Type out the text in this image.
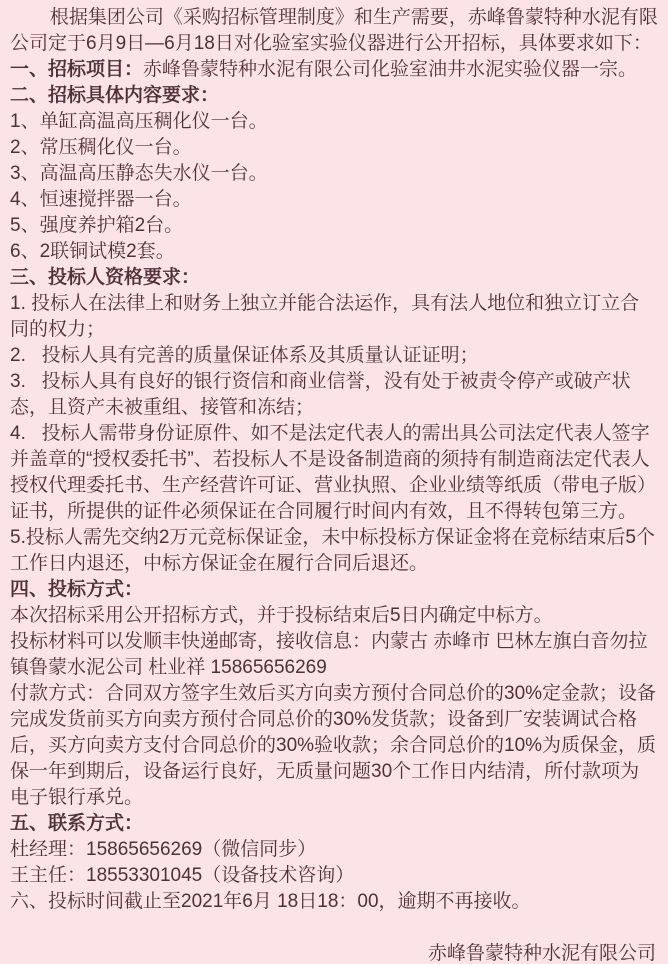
根据集团公司《采购招标管理制度》和生产需要，赤峰鲁蒙特种水泥有限公司定于6月9日—6月18日对化验室实验仪器进行公开招标，具体要求如下：

一、招标项目：赤峰鲁蒙特种水泥有限公司化验室油井水泥实验仪器一宗。

二、招标具体内容要求：

1、单缸高温高压稠化仪一台。

2、常压稠化仪一台。

3、高温高压静态失水仪一台。

4、恒速搅拌器一台。

5、强度养护箱2台。

6、2联铜试模2套。

三、投标人资格要求：

1. 投标人在法律上和财务上独立并能合法运作，具有法人地位和独立订立合同的权力；

2.   投标人具有完善的质量保证体系及其质量认证证明；

3.   投标人具有良好的银行资信和商业信誉，没有处于被责令停产或破产状态，且资产未被重组、接管和冻结；

4.   投标人需带身份证原件、如不是法定代表人的需出具公司法定代表人签字并盖章的“授权委托书”、若投标人不是设备制造商的须持有制造商法定代表人授权代理委托书、生产经营许可证、营业执照、企业业绩等纸质（带电子版）证书，所提供的证件必须保证在合同履行时间内有效，且不得转包第三方。

5.投标人需先交纳2万元竞标保证金，未中标投标方保证金将在竞标结束后5个工作日内退还，中标方保证金在履行合同后退还。

四、投标方式：

本次招标采用公开招标方式，并于投标结束后5日内确定中标方。

投标材料可以发顺丰快递邮寄，接收信息：内蒙古 赤峰市 巴林左旗白音勿拉镇鲁蒙水泥公司 杜业祥 15865656269

付款方式：合同双方签字生效后买方向卖方预付合同总价的30%定金款；设备完成发货前买方向卖方预付合同总价的30%发货款；设备到厂安装调试合格后，买方向卖方支付合同总价的30%验收款；余合同总价的10%为质保金，质保一年到期后，设备运行良好，无质量问题30个工作日内结清，所付款项为电子银行承兑。

五、联系方式：

杜经理：15865656269（微信同步）

王主任：18553301045（设备技术咨询）

六、投标时间截止至2021年6月 18日18：00，逾期不再接收。

赤峰鲁蒙特种水泥有限公司
